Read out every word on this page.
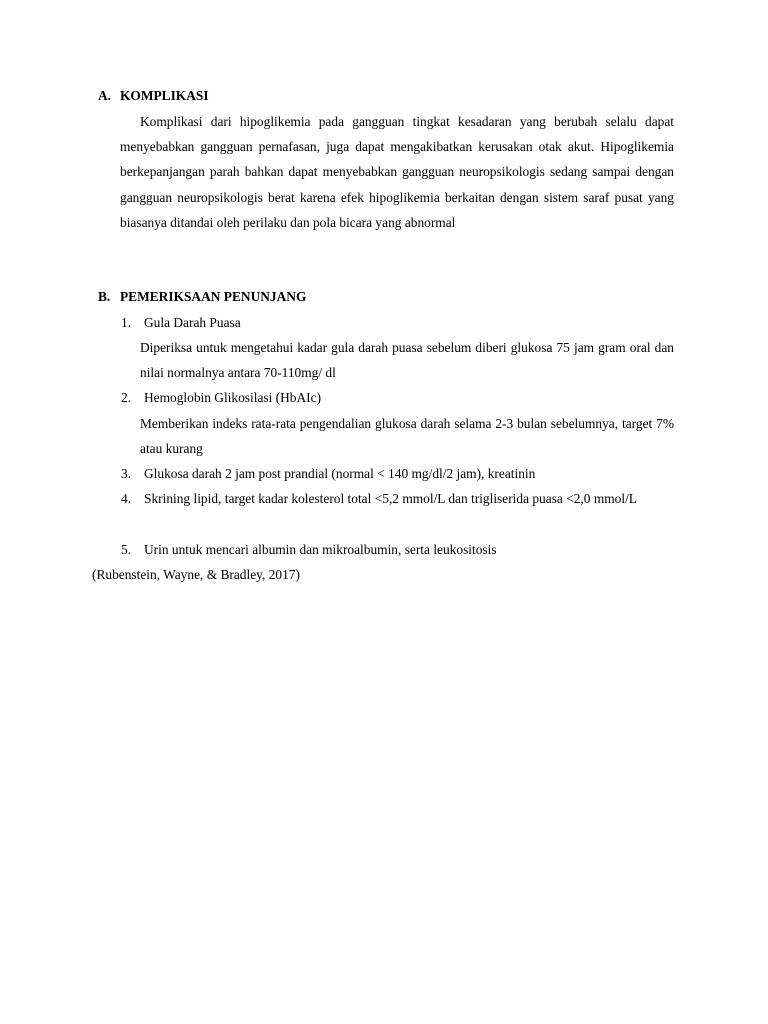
A. KOMPLIKASI

Komplikasi dari hipoglikemia pada gangguan tingkat kesadaran yang berubah selalu dapat menyebabkan gangguan pernafasan, juga dapat mengakibatkan kerusakan otak akut. Hipoglikemia berkepanjangan parah bahkan dapat menyebabkan gangguan neuropsikologis sedang sampai dengan gangguan neuropsikologis berat karena efek hipoglikemia berkaitan dengan sistem saraf pusat yang biasanya ditandai oleh perilaku dan pola bicara yang abnormal

B. PEMERIKSAAN PENUNJANG
1. Gula Darah Puasa

Diperiksa untuk mengetahui kadar gula darah puasa sebelum diberi glukosa 75 jam gram oral dan nilai normalnya antara 70-110mg/ dl

2. Hemoglobin Glikosilasi (HbAIc)

Memberikan indeks rata-rata pengendalian glukosa darah selama 2-3 bulan sebelumnya, target 7% atau kurang

3. Glukosa darah 2 jam post prandial (normal < 140 mg/dl/2 jam), kreatinin
4. Skrining lipid, target kadar kolesterol total <5,2 mmol/L dan trigliserida puasa <2,0 mmol/L
5. Urin untuk mencari albumin dan mikroalbumin, serta leukositosis
(Rubenstein, Wayne, & Bradley, 2017)
